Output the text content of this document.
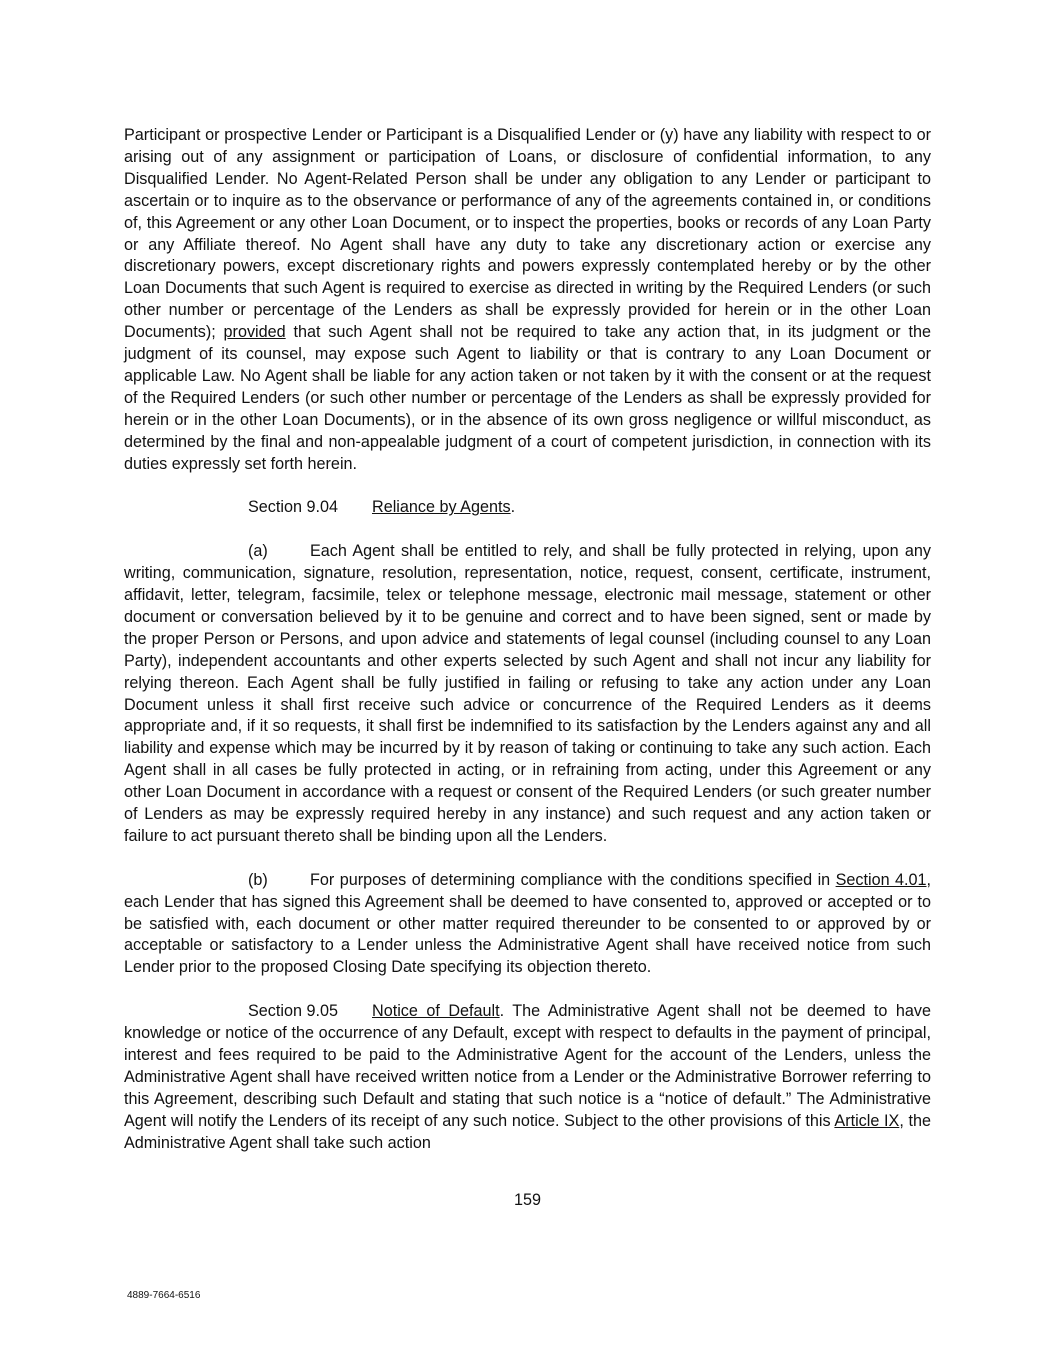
Participant or prospective Lender or Participant is a Disqualified Lender or (y) have any liability with respect to or arising out of any assignment or participation of Loans, or disclosure of confidential information, to any Disqualified Lender. No Agent-Related Person shall be under any obligation to any Lender or participant to ascertain or to inquire as to the observance or performance of any of the agreements contained in, or conditions of, this Agreement or any other Loan Document, or to inspect the properties, books or records of any Loan Party or any Affiliate thereof. No Agent shall have any duty to take any discretionary action or exercise any discretionary powers, except discretionary rights and powers expressly contemplated hereby or by the other Loan Documents that such Agent is required to exercise as directed in writing by the Required Lenders (or such other number or percentage of the Lenders as shall be expressly provided for herein or in the other Loan Documents); provided that such Agent shall not be required to take any action that, in its judgment or the judgment of its counsel, may expose such Agent to liability or that is contrary to any Loan Document or applicable Law. No Agent shall be liable for any action taken or not taken by it with the consent or at the request of the Required Lenders (or such other number or percentage of the Lenders as shall be expressly provided for herein or in the other Loan Documents), or in the absence of its own gross negligence or willful misconduct, as determined by the final and non-appealable judgment of a court of competent jurisdiction, in connection with its duties expressly set forth herein.

Section 9.04 Reliance by Agents.

(a)	Each Agent shall be entitled to rely, and shall be fully protected in relying, upon any writing, communication, signature, resolution, representation, notice, request, consent, certificate, instrument, affidavit, letter, telegram, facsimile, telex or telephone message, electronic mail message, statement or other document or conversation believed by it to be genuine and correct and to have been signed, sent or made by the proper Person or Persons, and upon advice and statements of legal counsel (including counsel to any Loan Party), independent accountants and other experts selected by such Agent and shall not incur any liability for relying thereon. Each Agent shall be fully justified in failing or refusing to take any action under any Loan Document unless it shall first receive such advice or concurrence of the Required Lenders as it deems appropriate and, if it so requests, it shall first be indemnified to its satisfaction by the Lenders against any and all liability and expense which may be incurred by it by reason of taking or continuing to take any such action. Each Agent shall in all cases be fully protected in acting, or in refraining from acting, under this Agreement or any other Loan Document in accordance with a request or consent of the Required Lenders (or such greater number of Lenders as may be expressly required hereby in any instance) and such request and any action taken or failure to act pursuant thereto shall be binding upon all the Lenders.

(b)	For purposes of determining compliance with the conditions specified in Section 4.01, each Lender that has signed this Agreement shall be deemed to have consented to, approved or accepted or to be satisfied with, each document or other matter required thereunder to be consented to or approved by or acceptable or satisfactory to a Lender unless the Administrative Agent shall have received notice from such Lender prior to the proposed Closing Date specifying its objection thereto.

Section 9.05 Notice of Default. The Administrative Agent shall not be deemed to have knowledge or notice of the occurrence of any Default, except with respect to defaults in the payment of principal, interest and fees required to be paid to the Administrative Agent for the account of the Lenders, unless the Administrative Agent shall have received written notice from a Lender or the Administrative Borrower referring to this Agreement, describing such Default and stating that such notice is a “notice of default.” The Administrative Agent will notify the Lenders of its receipt of any such notice. Subject to the other provisions of this Article IX, the Administrative Agent shall take such action

159
4889-7664-6516
